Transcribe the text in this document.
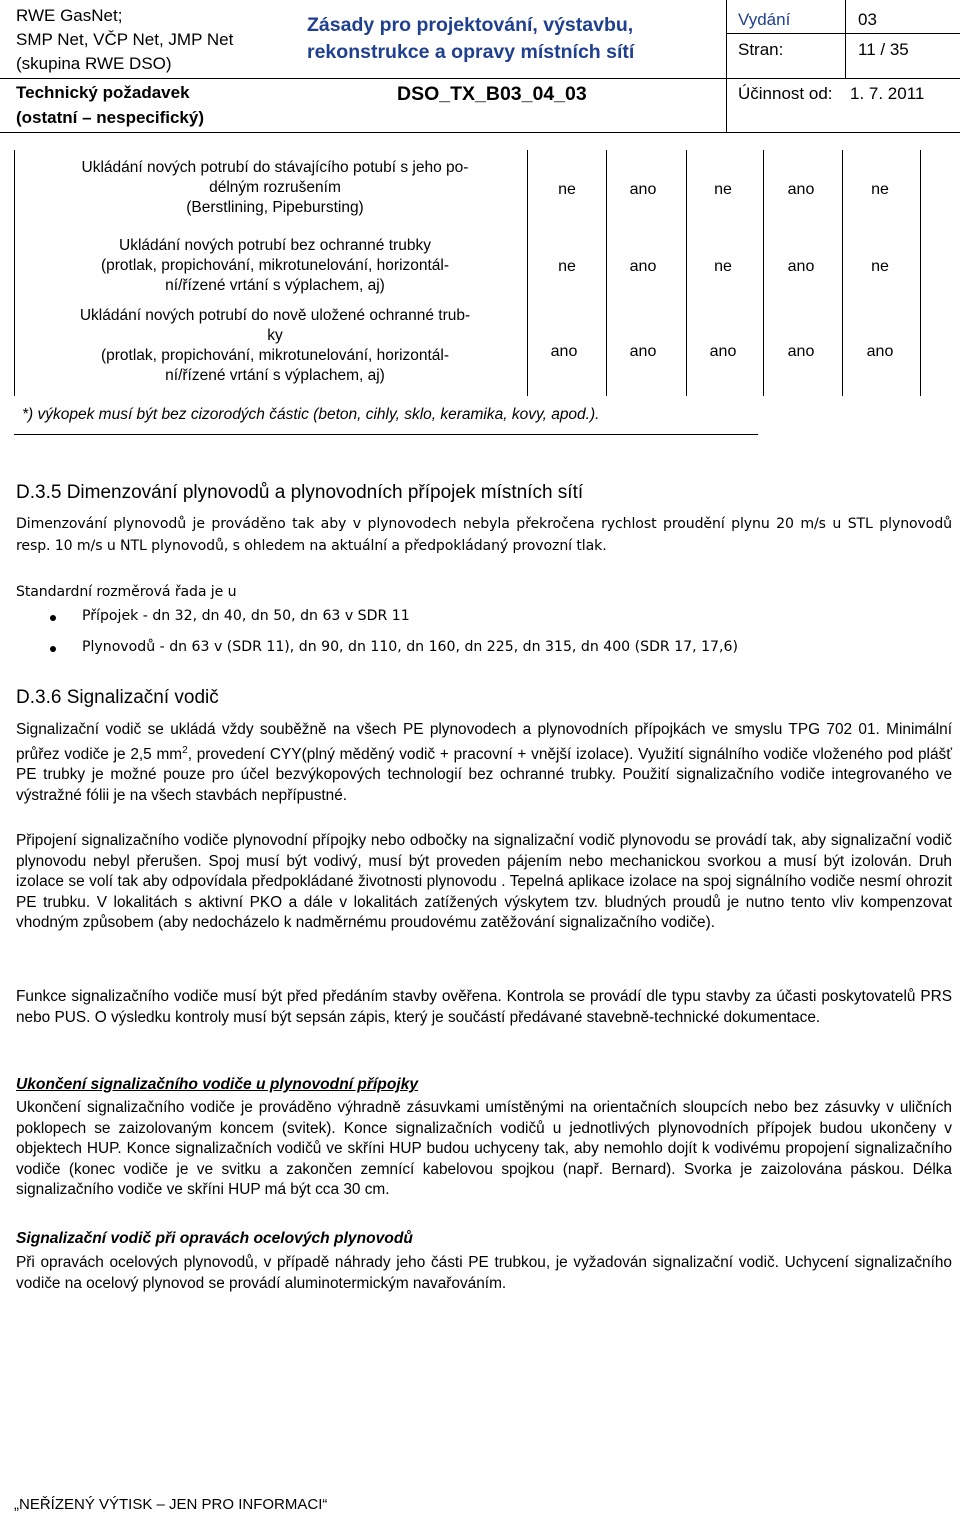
RWE GasNet;
SMP Net, VČP Net, JMP Net
(skupina RWE DSO)
Technický požadavek
(ostatní – nespecifický)
Zásady pro projektování, výstavbu,
rekonstrukce a opravy místních sítí
DSO_TX_B03_04_03
Vydání	03
Stran:	11 / 35
Účinnost od: 1. 7. 2011
Ukládání nových potrubí do stávajícího potubí s jeho po-
délným rozrušením
(Berstlining, Pipebursting)
ne	ano	ne	ano	ne
Ukládání nových potrubí bez ochranné trubky
(protlak, propichování, mikrotunelování, horizontál-
ní/řízené vrtání s výplachem, aj)
ne	ano	ne	ano	ne
Ukládání nových potrubí do nově uložené ochranné trub-
ky
(protlak, propichování, mikrotunelování, horizontál-
ní/řízené vrtání s výplachem, aj)
ano	ano	ano	ano	ano
*) výkopek musí být bez cizorodých částic (beton, cihly, sklo, keramika, kovy, apod.).
D.3.5 Dimenzování plynovodů a plynovodních přípojek místních sítí

Dimenzování plynovodů je prováděno tak aby v plynovodech nebyla překročena rychlost proudění plynu 20 m/s u STL plynovodů resp. 10 m/s u NTL plynovodů, s ohledem na aktuální a předpokládaný provozní tlak.

Standardní rozměrová řada je u

Přípojek - dn 32, dn 40, dn 50, dn 63 v SDR 11
Plynovodů - dn 63 v (SDR 11), dn 90, dn 110, dn 160, dn 225, dn 315, dn 400 (SDR 17, 17,6)
D.3.6 Signalizační vodič

Signalizační vodič se ukládá vždy souběžně na všech PE plynovodech a plynovodních přípojkách ve smyslu TPG 702 01. Minimální průřez vodiče je 2,5 $mm^2$, provedení CYY(plný měděný vodič + pracovní + vnější izolace). Využití signálního vodiče vloženého pod plášť PE trubky je možné pouze pro účel bezvýkopových technologií bez ochranné trubky. Použití signalizačního vodiče integrovaného ve výstražné fólii je na všech stavbách nepřípustné.

Připojení signalizačního vodiče plynovodní přípojky nebo odbočky na signalizační vodič plynovodu se provádí tak, aby signalizační vodič plynovodu nebyl přerušen. Spoj musí být vodivý, musí být proveden pájením nebo mechanickou svorkou a musí být izolován. Druh izolace se volí tak aby odpovídala předpokládané životnosti plynovodu . Tepelná aplikace izolace na spoj signálního vodiče nesmí ohrozit PE trubku. V lokalitách s aktivní PKO a dále v lokalitách zatížených výskytem tzv. bludných proudů je nutno tento vliv kompenzovat vhodným způsobem (aby nedocházelo k nadměrnému proudovému zatěžování signalizačního vodiče).

Funkce signalizačního vodiče musí být před předáním stavby ověřena. Kontrola se provádí dle typu stavby za účasti poskytovatelů PRS nebo PUS. O výsledku kontroly musí být sepsán zápis, který je součástí předávané stavebně-technické dokumentace.

Ukončení signalizačního vodiče u plynovodní přípojky

Ukončení signalizačního vodiče je prováděno výhradně zásuvkami umístěnými na orientačních sloupcích nebo bez zásuvky v uličních poklopech se zaizolovaným koncem (svitek). Konce signalizačních vodičů u jednotlivých plynovodních přípojek budou ukončeny v objektech HUP. Konce signalizačních vodičů ve skříni HUP budou uchyceny tak, aby nemohlo dojít k vodivému propojení signalizačního vodiče (konec vodiče je ve svitku a zakončen zemnící kabelovou spojkou (např. Bernard). Svorka je zaizolována páskou. Délka signalizačního vodiče ve skříni HUP má být cca 30 cm.

Signalizační vodič při opravách ocelových plynovodů

Při opravách ocelových plynovodů, v případě náhrady jeho části PE trubkou, je vyžadován signalizační vodič. Uchycení signalizačního vodiče na ocelový plynovod se provádí aluminotermickým navařováním.

„NEŘÍZENÝ VÝTISK – JEN PRO INFORMACI“
